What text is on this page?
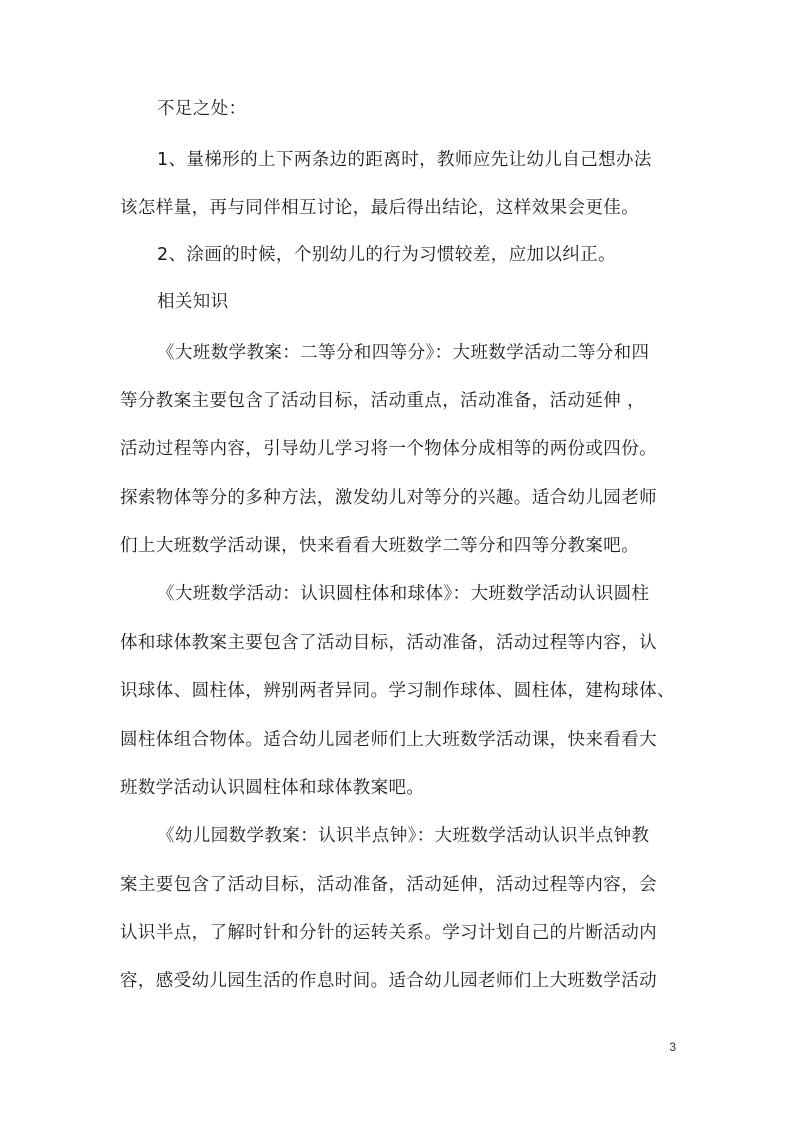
不足之处：
1、量梯形的上下两条边的距离时，教师应先让幼儿自己想办法
该怎样量，再与同伴相互讨论，最后得出结论，这样效果会更佳。
2、涂画的时候，个别幼儿的行为习惯较差，应加以纠正。
相关知识
《大班数学教案：二等分和四等分》：大班数学活动二等分和四
等分教案主要包含了活动目标，活动重点，活动准备，活动延伸 ，
活动过程等内容，引导幼儿学习将一个物体分成相等的两份或四份。
探索物体等分的多种方法，激发幼儿对等分的兴趣。适合幼儿园老师
们上大班数学活动课，快来看看大班数学二等分和四等分教案吧。
《大班数学活动：认识圆柱体和球体》：大班数学活动认识圆柱
体和球体教案主要包含了活动目标，活动准备，活动过程等内容，认
识球体、圆柱体，辨别两者异同。学习制作球体、圆柱体，建构球体、
圆柱体组合物体。适合幼儿园老师们上大班数学活动课，快来看看大
班数学活动认识圆柱体和球体教案吧。
《幼儿园数学教案：认识半点钟》：大班数学活动认识半点钟教
案主要包含了活动目标，活动准备，活动延伸，活动过程等内容，会
认识半点，了解时针和分针的运转关系。学习计划自己的片断活动内
容，感受幼儿园生活的作息时间。适合幼儿园老师们上大班数学活动
3
